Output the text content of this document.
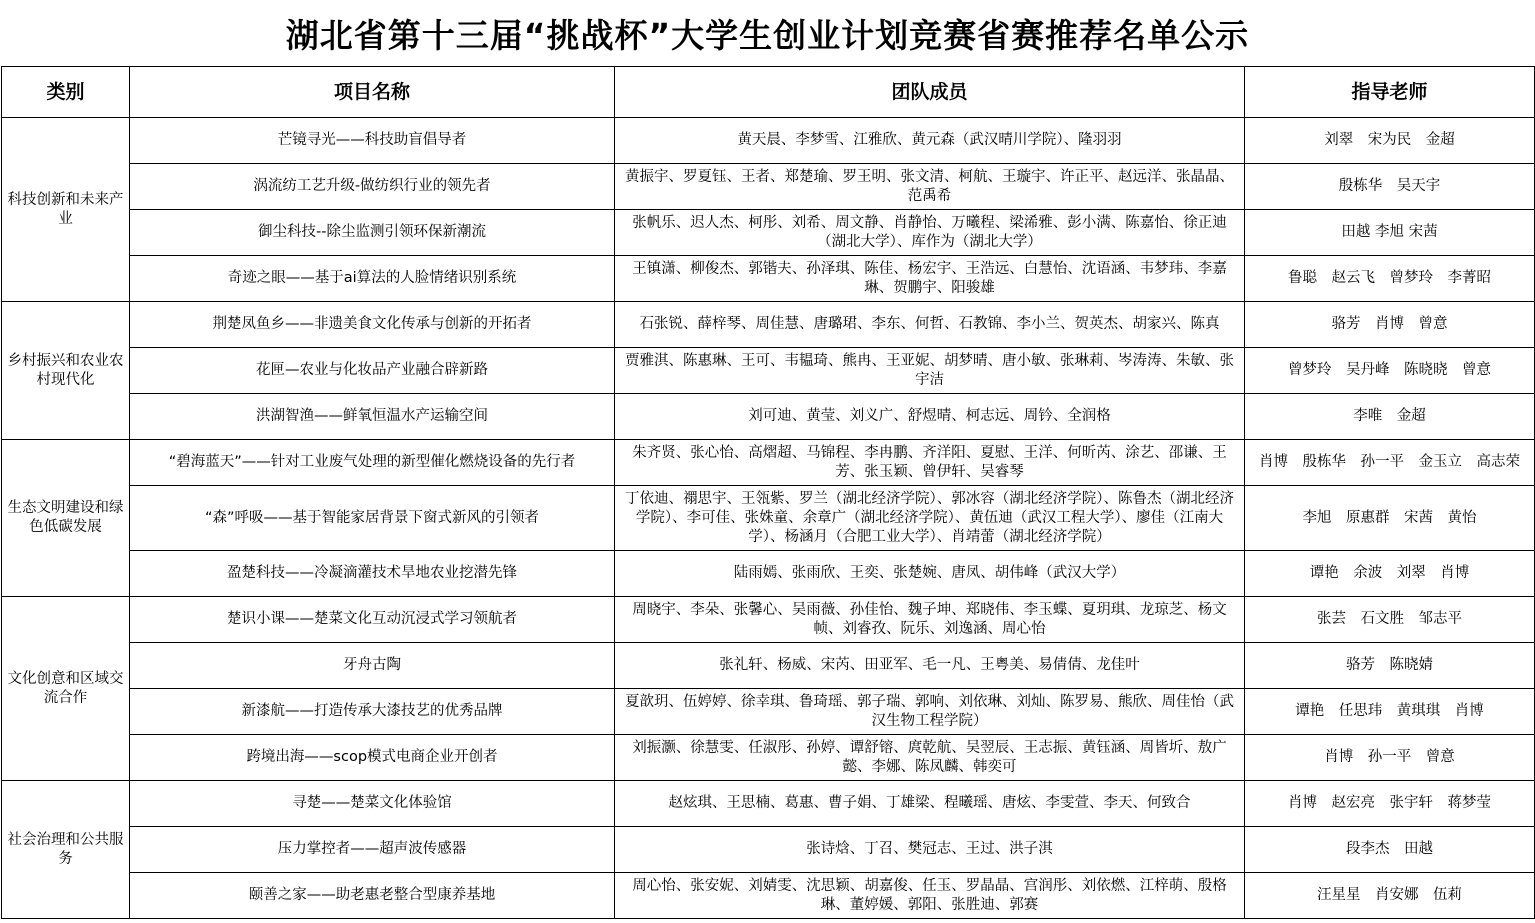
湖北省第十三届“挑战杯”大学生创业计划竞赛省赛推荐名单公示
类别	项目名称	团队成员	指导老师
科技创新和未来产业	芒镜寻光——科技助盲倡导者	黄天晨、李梦雪、江雅欣、黄元森（武汉晴川学院）、隆羽羽	刘翠　宋为民　金超
	涡流纺工艺升级-做纺织行业的领先者	黄振宇、罗夏钰、王者、郑楚瑜、罗王明、张文清、柯航、王璇宇、许正平、赵远洋、张晶晶、范禹希	殷栋华　吴天宇
	御尘科技--除尘监测引领环保新潮流	张帆乐、迟人杰、柯彤、刘希、周文静、肖静怡、万曦程、梁浠雅、彭小满、陈嘉怡、徐正迪（湖北大学）、库作为（湖北大学）	田越 李旭 宋茜
	奇迹之眼——基于ai算法的人脸情绪识别系统	王镇潇、柳俊杰、郭锴夫、孙泽琪、陈佳、杨宏宇、王浩远、白慧怡、沈语涵、韦梦玮、李嘉琳、贺鹏宇、阳骏雄	鲁聪　赵云飞　曾梦玲　李菁昭
乡村振兴和农业农村现代化	荆楚凤鱼乡——非遗美食文化传承与创新的开拓者	石张锐、薛梓琴、周佳慧、唐璐珺、李东、何哲、石教锦、李小兰、贺英杰、胡家兴、陈真	骆芳　肖博　曾意
	花匣—农业与化妆品产业融合辟新路	贾雅淇、陈惠琳、王可、韦韫琦、熊冉、王亚妮、胡梦晴、唐小敏、张琳莉、岑涛涛、朱敏、张宇洁	曾梦玲　吴丹峰　陈晓晓　曾意
	洪湖智渔——鲜氧恒温水产运输空间	刘可迪、黄莹、刘义广、舒煜晴、柯志远、周钤、全润格	李唯　金超
生态文明建设和绿色低碳发展	“碧海蓝天”——针对工业废气处理的新型催化燃烧设备的先行者	朱齐贤、张心怡、高熠超、马锦程、李冉鹏、齐洋阳、夏慰、王洋、何昕芮、涂艺、邵谦、王芳、张玉颖、曾伊轩、吴睿琴	肖博　殷栋华　孙一平　金玉立　高志荣
	“森”呼吸——基于智能家居背景下窗式新风的引领者	丁依迪、禤思宇、王瓴紫、罗兰（湖北经济学院）、郭冰容（湖北经济学院）、陈鲁杰（湖北经济学院）、李可佳、张姝童、余章广（湖北经济学院）、黄伍迪（武汉工程大学）、廖佳（江南大学）、杨涵月（合肥工业大学）、肖靖蕾（湖北经济学院）	李旭　原惠群　宋茜　黄怡
	盈楚科技——冷凝滴灌技术旱地农业挖潜先锋	陆雨嫣、张雨欣、王奕、张楚婉、唐凤、胡伟峰（武汉大学）	谭艳　余波　刘翠　肖博
文化创意和区域交流合作	楚识小课——楚菜文化互动沉浸式学习领航者	周晓宇、李朵、张馨心、吴雨薇、孙佳怡、魏子坤、郑晓伟、李玉蝶、夏玥琪、龙琼芝、杨文帧、刘睿孜、阮乐、刘逸涵、周心怡	张芸　石文胜　邹志平
	牙舟古陶	张礼轩、杨威、宋芮、田亚军、毛一凡、王粤美、易倩倩、龙佳叶	骆芳　陈晓婧
	新漆航——打造传承大漆技艺的优秀品牌	夏歆玥、伍婷婷、徐幸琪、鲁琦瑶、郭子瑞、郭响、刘依琳、刘灿、陈罗易、熊欣、周佳怡（武汉生物工程学院）	谭艳　任思玮　黄琪琪　肖博
	跨境出海——scop模式电商企业开创者	刘振灏、徐慧雯、任淑彤、孙婷、谭舒镕、庹乾航、吴翌辰、王志振、黄钰涵、周皆圻、敖广懿、李娜、陈凤麟、韩奕可	肖博　孙一平　曾意
社会治理和公共服务	寻楚——楚菜文化体验馆	赵炫琪、王思楠、葛惠、曹子娟、丁雄梁、程曦瑶、唐炫、李雯萱、李天、何致合	肖博　赵宏亮　张宇轩　蒋梦莹
	压力掌控者——超声波传感器	张诗焓、丁召、樊冠志、王过、洪子淇	段李杰　田越
	颐善之家——助老惠老整合型康养基地	周心怡、张安妮、刘婧雯、沈思颖、胡嘉俊、任玉、罗晶晶、宫润彤、刘依燃、江梓萌、殷格琳、董婷媛、郭阳、张胜迪、郭赛	汪星星　肖安娜　伍莉
